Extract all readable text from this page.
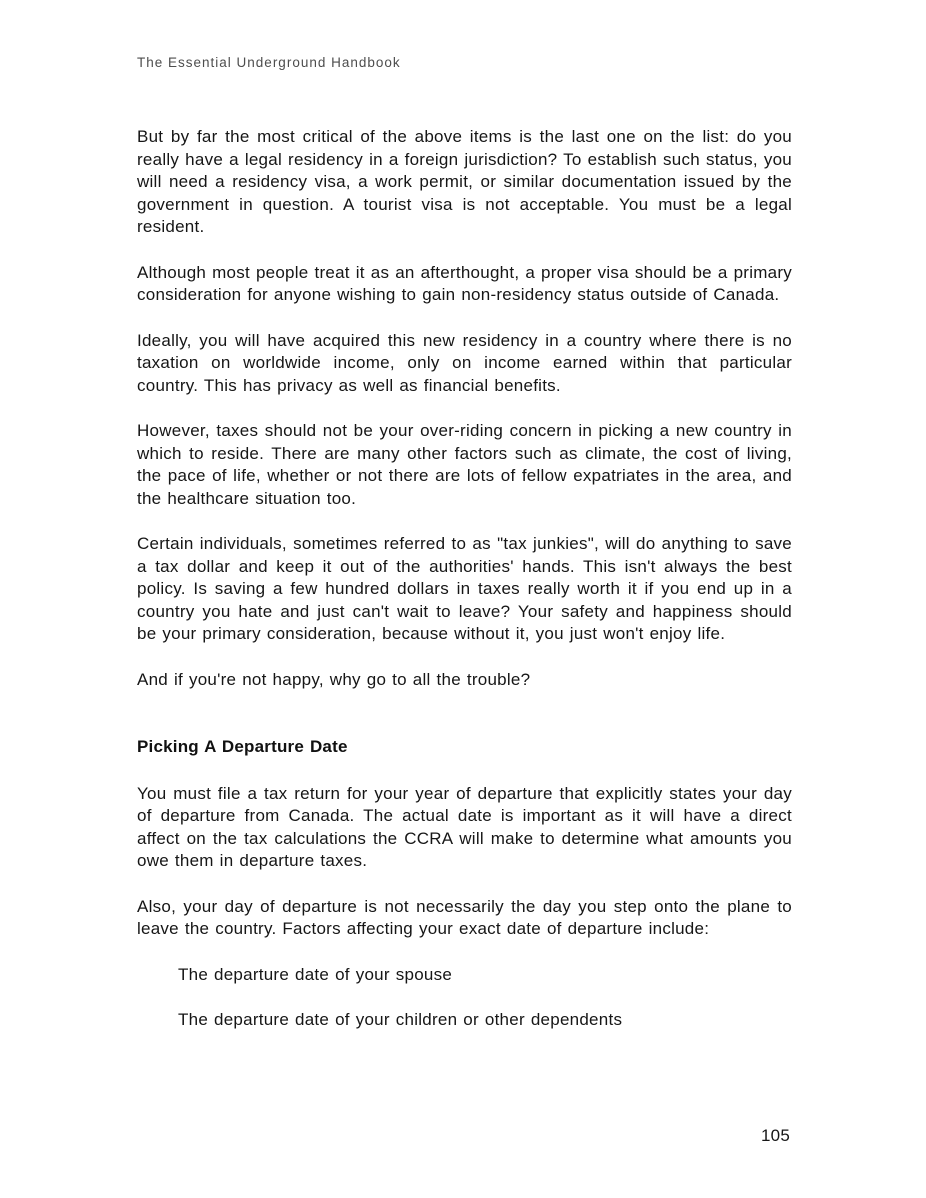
The Essential Underground Handbook

But by far the most critical of the above items is the last one on the list: do you really have a legal residency in a foreign jurisdiction? To establish such status, you will need a residency visa, a work permit, or similar documentation issued by the government in question. A tourist visa is not acceptable. You must be a legal resident.

Although most people treat it as an afterthought, a proper visa should be a primary consideration for anyone wishing to gain non-residency status outside of Canada.

Ideally, you will have acquired this new residency in a country where there is no taxation on worldwide income, only on income earned within that particular country. This has privacy as well as financial benefits.

However, taxes should not be your over-riding concern in picking a new country in which to reside. There are many other factors such as climate, the cost of living, the pace of life, whether or not there are lots of fellow expatriates in the area, and the healthcare situation too.

Certain individuals, sometimes referred to as "tax junkies", will do anything to save a tax dollar and keep it out of the authorities' hands. This isn't always the best policy. Is saving a few hundred dollars in taxes really worth it if you end up in a country you hate and just can't wait to leave? Your safety and happiness should be your primary consideration, because without it, you just won't enjoy life.

And if you're not happy, why go to all the trouble?

Picking A Departure Date

You must file a tax return for your year of departure that explicitly states your day of departure from Canada. The actual date is important as it will have a direct affect on the tax calculations the CCRA will make to determine what amounts you owe them in departure taxes.

Also, your day of departure is not necessarily the day you step onto the plane to leave the country. Factors affecting your exact date of departure include:

The departure date of your spouse

The departure date of your children or other dependents

105
